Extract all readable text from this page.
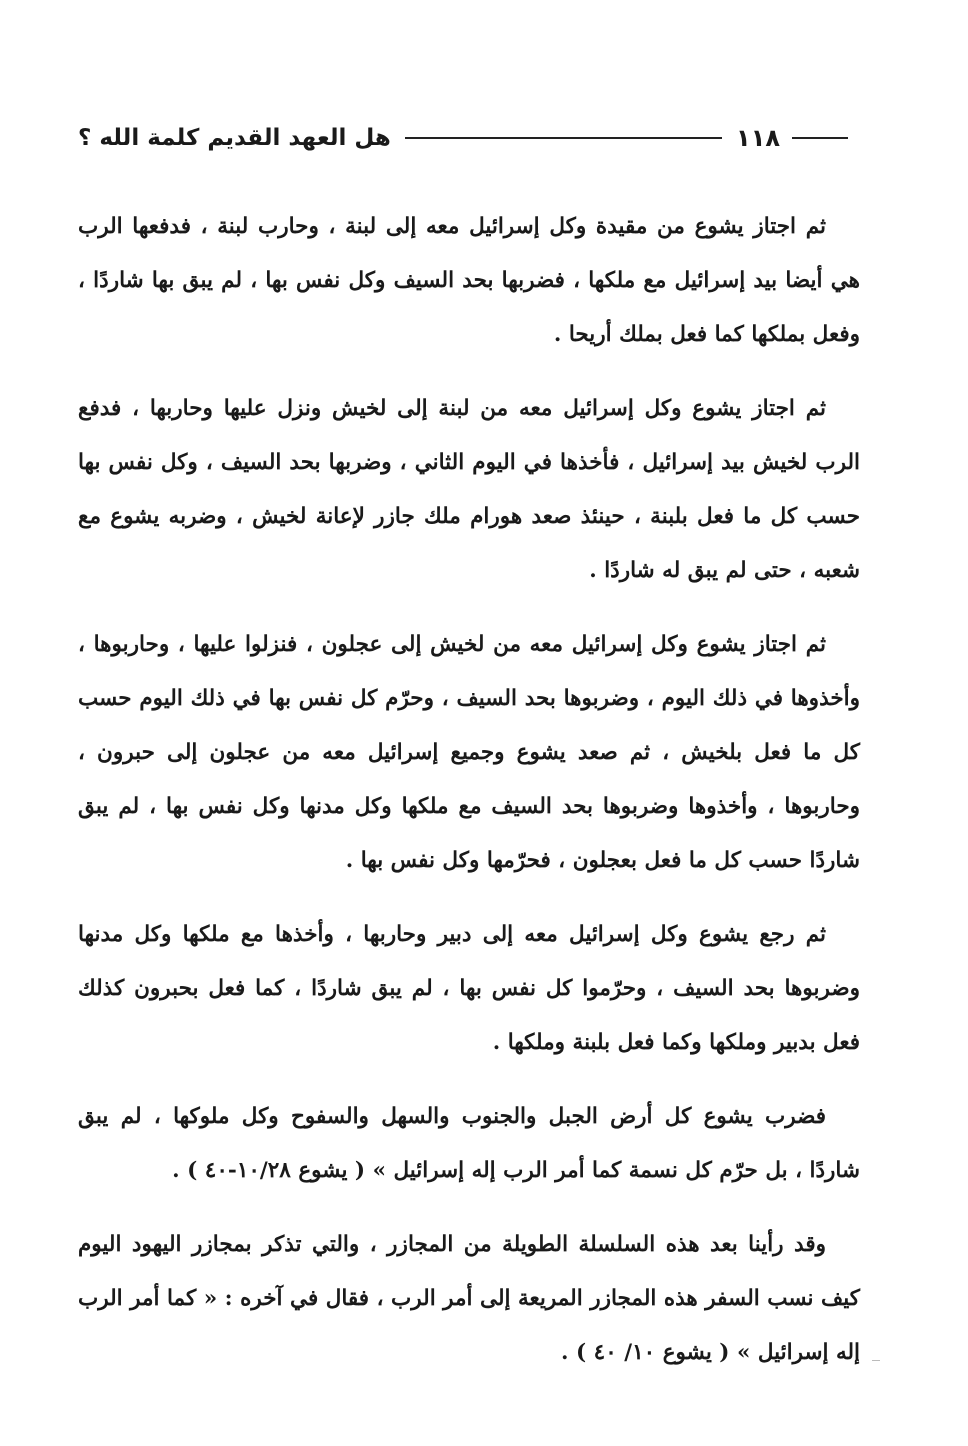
١١٨
هل العهد القديم كلمة الله ؟

ثم اجتاز يشوع من مقيدة وكل إسرائيل معه إلى لبنة ، وحارب لبنة ، فدفعها الرب هي أيضا بيد إسرائيل مع ملكها ، فضربها بحد السيف وكل نفس بها ، لم يبق بها شاردًا ، وفعل بملكها كما فعل بملك أريحا .

ثم اجتاز يشوع وكل إسرائيل معه من لبنة إلى لخيش ونزل عليها وحاربها ، فدفع الرب لخيش بيد إسرائيل ، فأخذها في اليوم الثاني ، وضربها بحد السيف ، وكل نفس بها حسب كل ما فعل بلبنة ، حينئذ صعد هورام ملك جازر لإعانة لخيش ، وضربه يشوع مع شعبه ، حتى لم يبق له شاردًا .

ثم اجتاز يشوع وكل إسرائيل معه من لخيش إلى عجلون ، فنزلوا عليها ، وحاربوها ، وأخذوها في ذلك اليوم ، وضربوها بحد السيف ، وحرّم كل نفس بها في ذلك اليوم حسب كل ما فعل بلخيش ، ثم صعد يشوع وجميع إسرائيل معه من عجلون إلى حبرون ، وحاربوها ، وأخذوها وضربوها بحد السيف مع ملكها وكل مدنها وكل نفس بها ، لم يبق شاردًا حسب كل ما فعل بعجلون ، فحرّمها وكل نفس بها .

ثم رجع يشوع وكل إسرائيل معه إلى دبير وحاربها ، وأخذها مع ملكها وكل مدنها وضربوها بحد السيف ، وحرّموا كل نفس بها ، لم يبق شاردًا ، كما فعل بحبرون كذلك فعل بدبير وملكها وكما فعل بلبنة وملكها .

فضرب يشوع كل أرض الجبل والجنوب والسهل والسفوح وكل ملوكها ، لم يبق شاردًا ، بل حرّم كل نسمة كما أمر الرب إله إسرائيل » ( يشوع ١٠/٢٨-٤٠ ) .

وقد رأينا بعد هذه السلسلة الطويلة من المجازر ، والتي تذكر بمجازر اليهود اليوم كيف نسب السفر هذه المجازر المريعة إلى أمر الرب ، فقال في آخره : « كما أمر الرب إله إسرائيل » ( يشوع ١٠/ ٤٠ ) .
